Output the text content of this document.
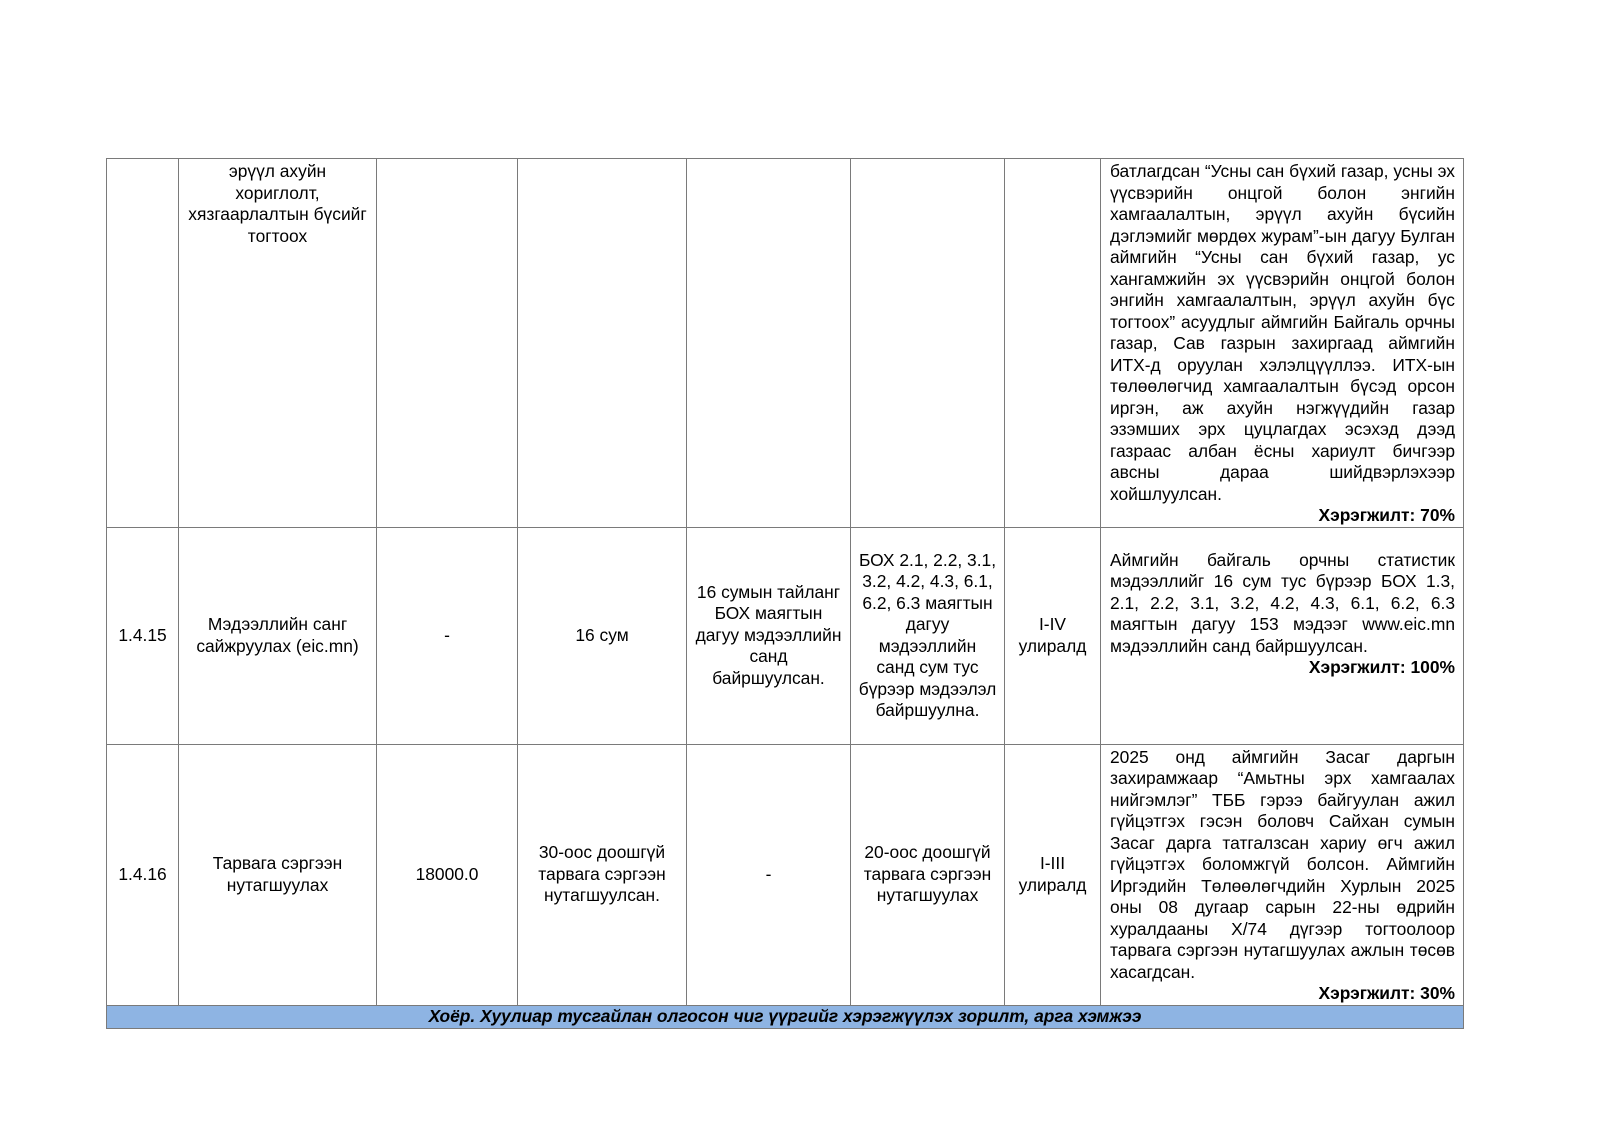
	эрүүл ахуйн хориглолт, хязгаарлалтын бүсийг тогтоох						батлагдсан “Усны сан бүхий газар, усны эх үүсвэрийн онцгой болон энгийн хамгаалалтын, эрүүл ахуйн бүсийн дэглэмийг мөрдөх журам”-ын дагуу Булган аймгийн “Усны сан бүхий газар, ус хангамжийн эх үүсвэрийн онцгой болон энгийн хамгаалалтын, эрүүл ахуйн бүс тогтоох” асуудлыг аймгийн Байгаль орчны газар, Сав газрын захиргаад аймгийн ИТХ-д оруулан хэлэлцүүллээ. ИТХ-ын төлөөлөгчид хамгаалалтын бүсэд орсон иргэн, аж ахуйн нэгжүүдийн газар эзэмших эрх цуцлагдах эсэхэд дээд газраас албан ёсны хариулт бичгээр авсны дараа шийдвэрлэхээр хойшлуулсан.
Хэрэгжилт: 70%

1.4.15	Мэдээллийн санг сайжруулах (eic.mn)	-	16 сум	16 сумын тайланг БОХ маягтын дагуу мэдээллийн санд байршуулсан.	БОХ 2.1, 2.2, 3.1, 3.2, 4.2, 4.3, 6.1, 6.2, 6.3 маягтын дагуу мэдээллийн санд сум тус бүрээр мэдээлэл байршуулна.	I-IV улиралд	Аймгийн байгаль орчны статистик мэдээллийг 16 сум тус бүрээр БОХ 1.3, 2.1, 2.2, 3.1, 3.2, 4.2, 4.3, 6.1, 6.2, 6.3 маягтын дагуу 153 мэдээг www.eic.mn мэдээллийн санд байршуулсан.
Хэрэгжилт: 100%

1.4.16	Тарвага сэргээн нутагшуулах	18000.0	30-оос доошгүй тарвага сэргээн нутагшуулсан.	-	20-оос доошгүй тарвага сэргээн нутагшуулах	I-III улиралд	2025 онд аймгийн Засаг даргын захирамжаар “Амьтны эрх хамгаалах нийгэмлэг” ТББ гэрээ байгуулан ажил гүйцэтгэх гэсэн боловч Сайхан сумын Засаг дарга татгалзсан хариу өгч ажил гүйцэтгэх боломжгүй болсон. Аймгийн Иргэдийн Төлөөлөгчдийн Хурлын 2025 оны 08 дугаар сарын 22-ны өдрийн хуралдааны Х/74 дүгээр тогтоолоор тарвага сэргээн нутагшуулах ажлын төсөв хасагдсан.
Хэрэгжилт: 30%

Хоёр. Хуулиар тусгайлан олгосон чиг үүргийг хэрэгжүүлэх зорилт, арга хэмжээ							
